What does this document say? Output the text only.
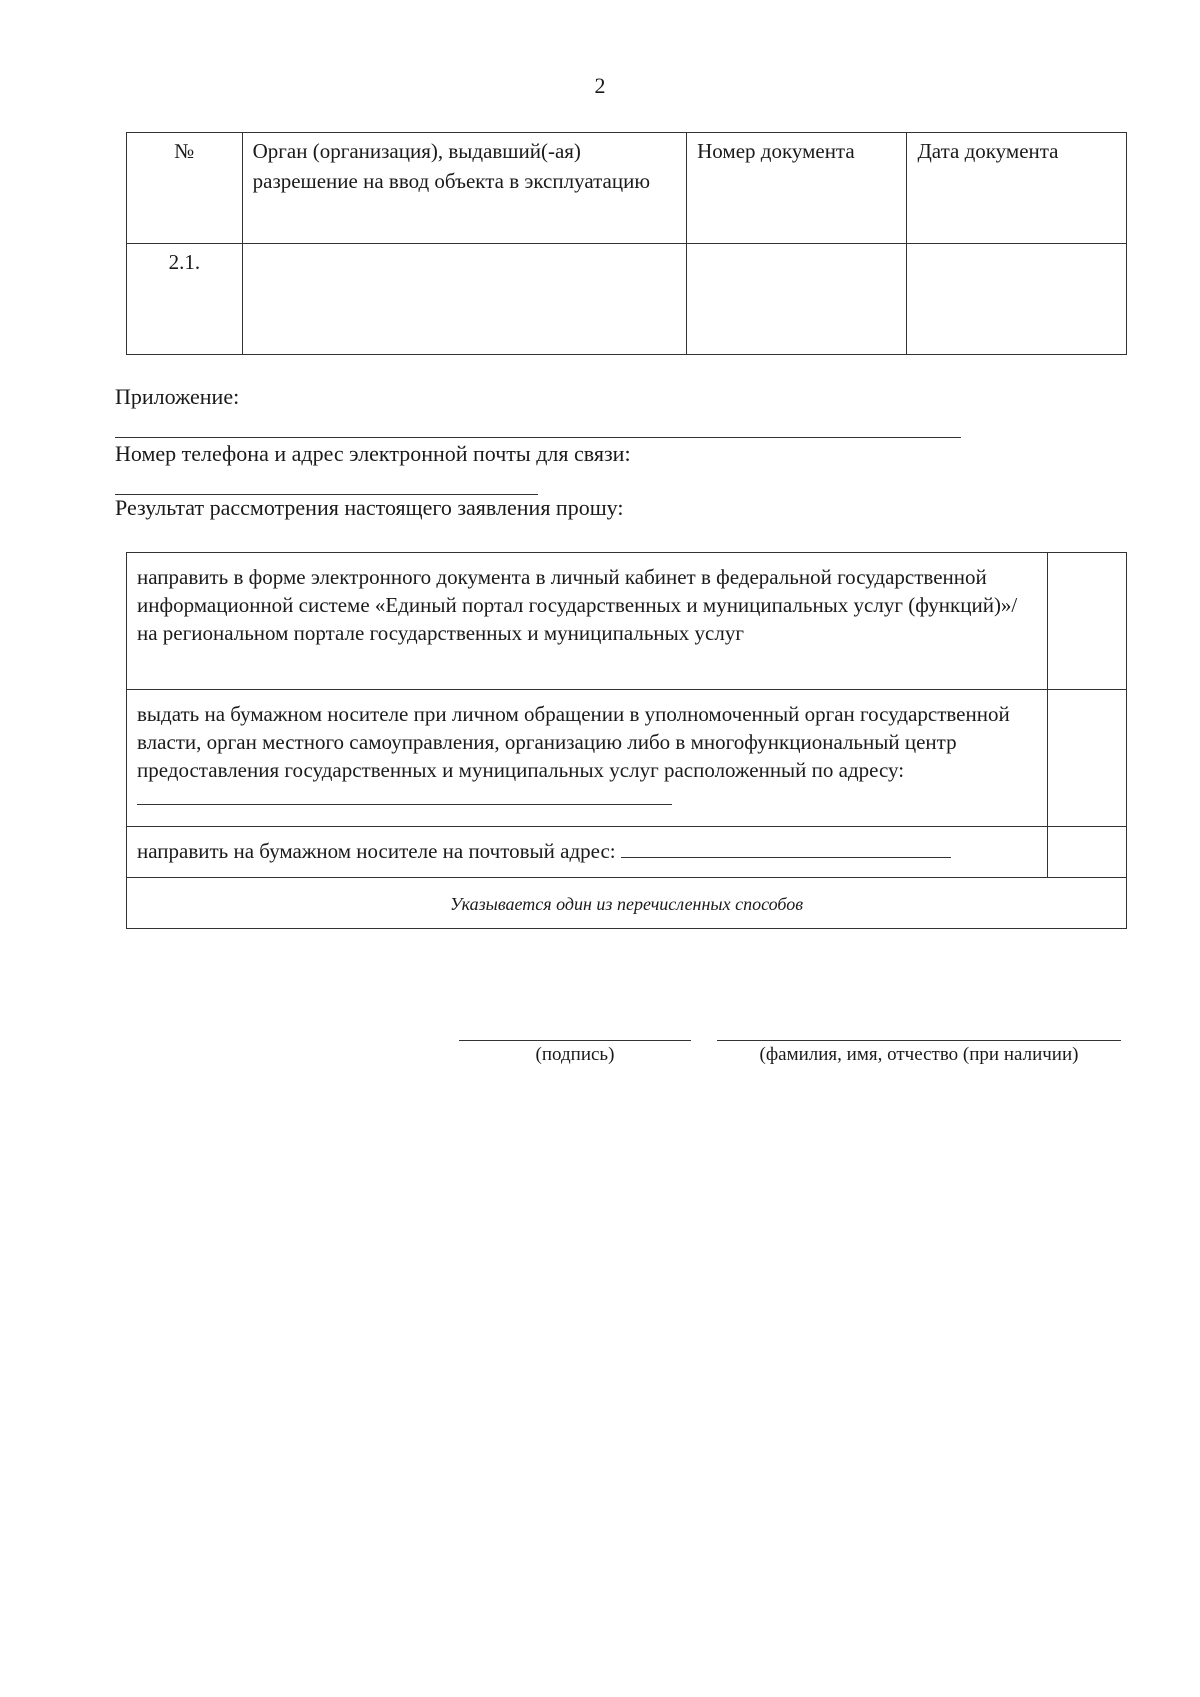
2
№	Орган (организация), выдавший(-ая) разрешение на ввод объекта в эксплуатацию	Номер документа	Дата документа
2.1.			
Приложение:
Номер телефона и адрес электронной почты для связи:
Результат рассмотрения настоящего заявления прошу:
направить в форме электронного документа в личный кабинет в федеральной государственной информационной системе «Единый портал государственных и муниципальных услуг (функций)»/ на региональном портале государственных и муниципальных услуг	
выдать на бумажном носителе при личном обращении в уполномоченный орган государственной власти, орган местного самоуправления, организацию либо в многофункциональный центр предоставления государственных и муниципальных услуг расположенный по адресу:	
направить на бумажном носителе на почтовый адрес:	
Указывается один из перечисленных способов	
(подпись)	(фамилия, имя, отчество (при наличии)
